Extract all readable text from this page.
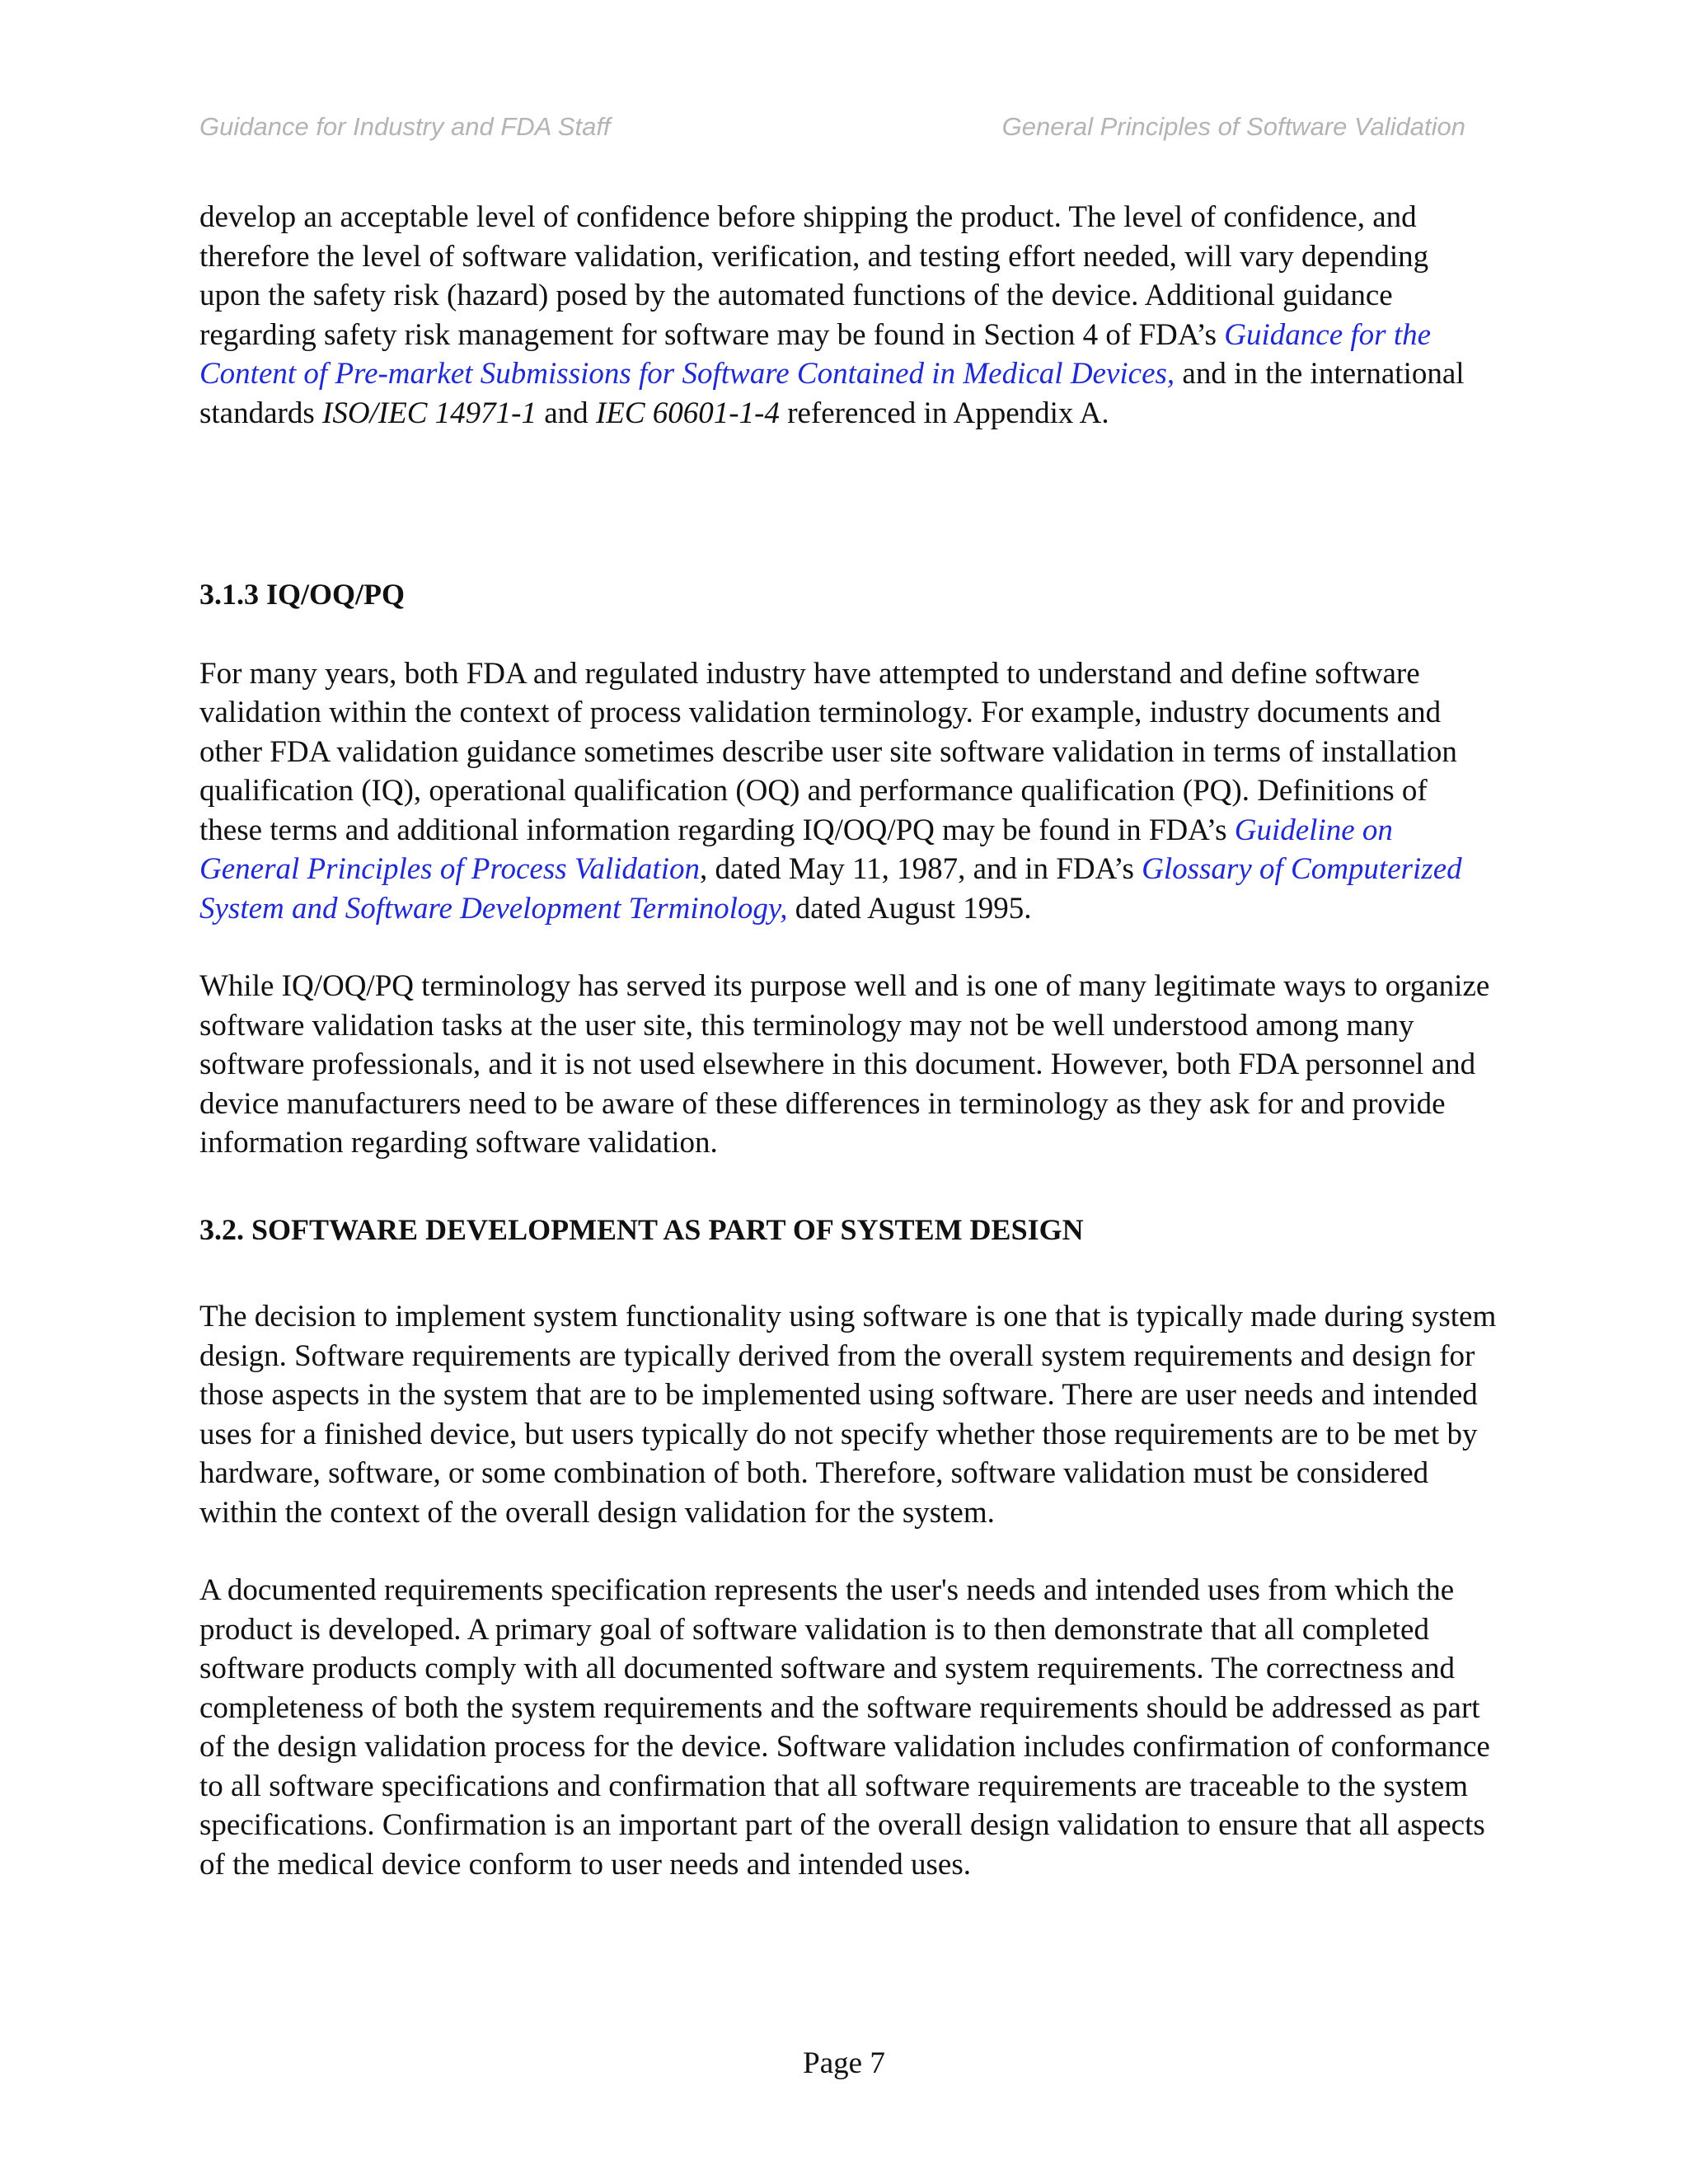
Guidance for Industry and FDA Staff	General Principles of Software Validation

develop an acceptable level of confidence before shipping the product. The level of confidence, and therefore the level of software validation, verification, and testing effort needed, will vary depending upon the safety risk (hazard) posed by the automated functions of the device. Additional guidance regarding safety risk management for software may be found in Section 4 of FDA’s Guidance for the Content of Pre-market Submissions for Software Contained in Medical Devices, and in the international standards ISO/IEC 14971-1 and IEC 60601-1-4 referenced in Appendix A.

3.1.3 IQ/OQ/PQ

For many years, both FDA and regulated industry have attempted to understand and define software validation within the context of process validation terminology. For example, industry documents and other FDA validation guidance sometimes describe user site software validation in terms of installation qualification (IQ), operational qualification (OQ) and performance qualification (PQ). Definitions of these terms and additional information regarding IQ/OQ/PQ may be found in FDA’s Guideline on General Principles of Process Validation, dated May 11, 1987, and in FDA’s Glossary of Computerized System and Software Development Terminology, dated August 1995.

While IQ/OQ/PQ terminology has served its purpose well and is one of many legitimate ways to organize software validation tasks at the user site, this terminology may not be well understood among many software professionals, and it is not used elsewhere in this document. However, both FDA personnel and device manufacturers need to be aware of these differences in terminology as they ask for and provide information regarding software validation.

3.2. SOFTWARE DEVELOPMENT AS PART OF SYSTEM DESIGN

The decision to implement system functionality using software is one that is typically made during system design. Software requirements are typically derived from the overall system requirements and design for those aspects in the system that are to be implemented using software. There are user needs and intended uses for a finished device, but users typically do not specify whether those requirements are to be met by hardware, software, or some combination of both. Therefore, software validation must be considered within the context of the overall design validation for the system.

A documented requirements specification represents the user's needs and intended uses from which the product is developed. A primary goal of software validation is to then demonstrate that all completed software products comply with all documented software and system requirements. The correctness and completeness of both the system requirements and the software requirements should be addressed as part of the design validation process for the device. Software validation includes confirmation of conformance to all software specifications and confirmation that all software requirements are traceable to the system specifications. Confirmation is an important part of the overall design validation to ensure that all aspects of the medical device conform to user needs and intended uses.

Page 7
